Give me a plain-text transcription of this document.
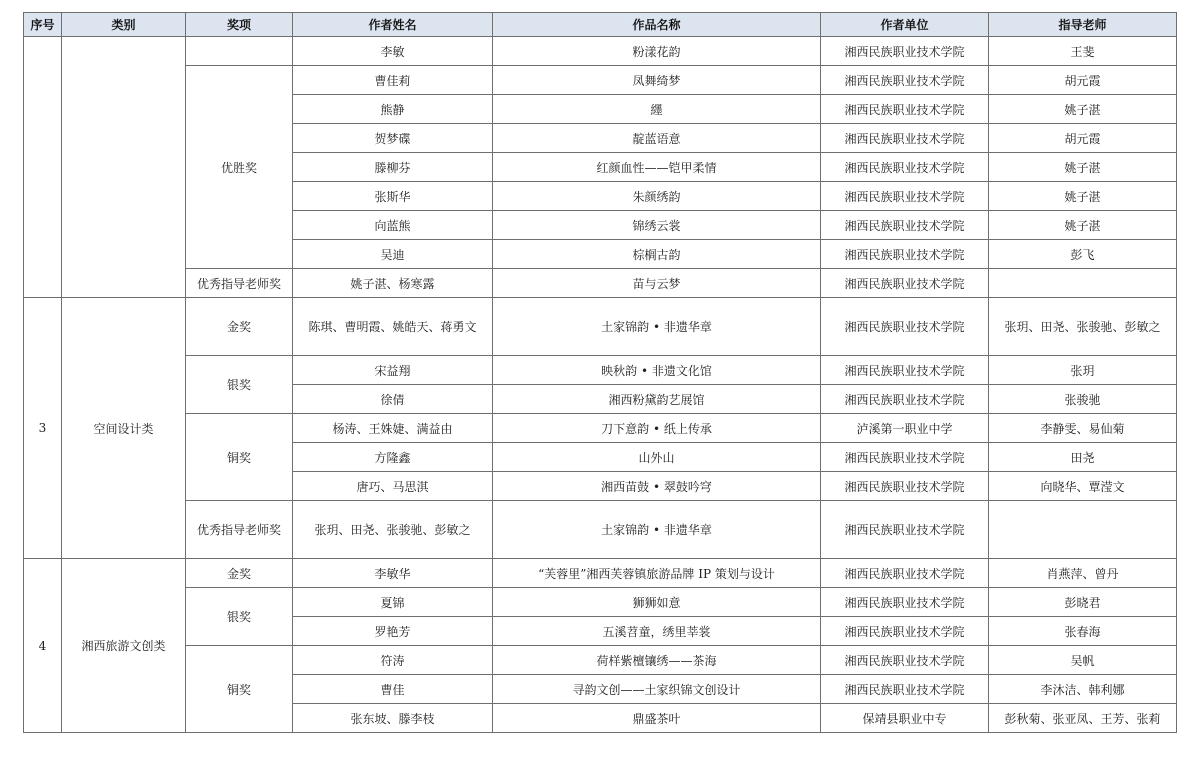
序号	类别	奖项	作者姓名	作品名称	作者单位	指导老师
			李敏	粉漾花韵	湘西民族职业技术学院	王斐
		优胜奖	曹佳莉	凤舞绮梦	湘西民族职业技术学院	胡元霞
			熊静	纆	湘西民族职业技术学院	姚子湛
			贺梦碟	靛蓝语意	湘西民族职业技术学院	胡元霞
			滕柳芬	红颜血性——铠甲柔情	湘西民族职业技术学院	姚子湛
			张斯华	朱颜绣韵	湘西民族职业技术学院	姚子湛
			向蓝熊	锦绣云裳	湘西民族职业技术学院	姚子湛
			吴迪	棕榈古韵	湘西民族职业技术学院	彭飞
		优秀指导老师奖	姚子湛、杨寒露	苗与云梦	湘西民族职业技术学院	
3	空间设计类	金奖	陈琪、曹明霞、姚皓天、蒋勇文	土家锦韵 • 非遗华章	湘西民族职业技术学院	张玥、田尧、张骏驰、彭敏之
		银奖	宋益翔	映秋韵 • 非遗文化馆	湘西民族职业技术学院	张玥
			徐倩	湘西粉黛韵艺展馆	湘西民族职业技术学院	张骏驰
		铜奖	杨涛、王姝婕、满益由	刀下意韵 • 纸上传承	泸溪第一职业中学	李静雯、易仙菊
			方隆鑫	山外山	湘西民族职业技术学院	田尧
			唐巧、马思淇	湘西苗鼓 • 翠鼓吟穹	湘西民族职业技术学院	向晓华、覃滢文
		优秀指导老师奖	张玥、田尧、张骏驰、彭敏之	土家锦韵 • 非遗华章	湘西民族职业技术学院	
4	湘西旅游文创类	金奖	李敏华	“芙蓉里”湘西芙蓉镇旅游品牌 IP 策划与设计	湘西民族职业技术学院	肖燕萍、曾丹
		银奖	夏锦	狮狮如意	湘西民族职业技术学院	彭晓君
			罗艳芳	五溪苕童，绣里莘裳	湘西民族职业技术学院	张春海
		铜奖	符涛	荷样紫檀镶绣——茶海	湘西民族职业技术学院	吴帆
			曹佳	寻韵文创——土家织锦文创设计	湘西民族职业技术学院	李沐洁、韩利娜
			张东坡、滕李枝	鼎盛茶叶	保靖县职业中专	彭秋菊、张亚凤、王芳、张莉
